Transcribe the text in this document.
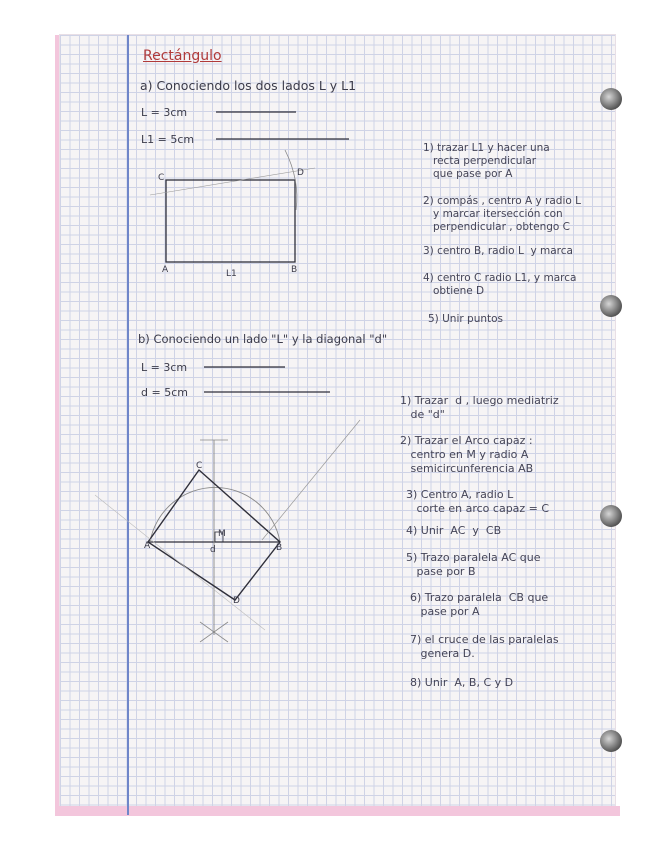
Rectángulo
a) Conociendo los dos lados L y L1
L = 3cm
L1 = 5cm
C	D
A	B
L1
A	B
C
D
M
d
1) trazar L1 y hacer una
recta perpendicular
que pase por A
2) compás , centro A y radio L
y marcar itersección con
perpendicular , obtengo C
3) centro B, radio L  y marca
4) centro C radio L1, y marca
obtiene D
5) Unir puntos
b) Conociendo un lado "L" y la diagonal "d"
L = 3cm
d = 5cm
1) Trazar  d , luego mediatriz
de "d"
2) Trazar el Arco capaz :
centro en M y radio A
semicircunferencia AB
3) Centro A, radio L
corte en arco capaz = C
4) Unir  AC  y  CB
5) Trazo paralela AC que
pase por B
6) Trazo paralela  CB que
pase por A
7) el cruce de las paralelas
genera D.
8) Unir  A, B, C y D
